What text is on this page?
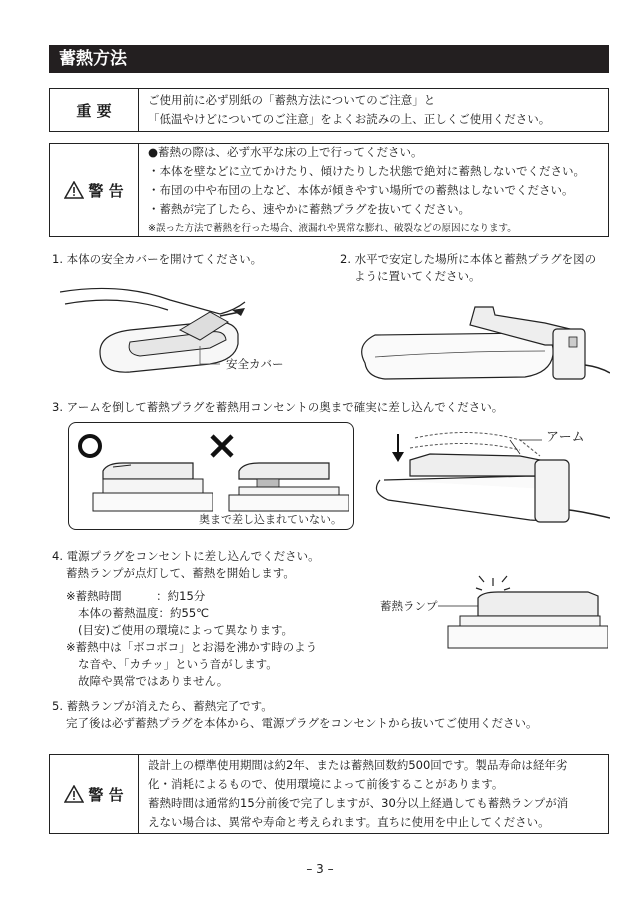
蓄熱方法
重 要
ご使用前に必ず別紙の「蓄熱方法についてのご注意」と
「低温やけどについてのご注意」をよくお読みの上、正しくご使用ください。
警 告
●蓄熱の際は、必ず水平な床の上で行ってください。
・本体を壁などに立てかけたり、傾けたりした状態で絶対に蓄熱しないでください。
・布団の中や布団の上など、本体が傾きやすい場所での蓄熱はしないでください。
・蓄熱が完了したら、速やかに蓄熱プラグを抜いてください。
※誤った方法で蓄熱を行った場合、液漏れや異常な膨れ、破裂などの原因になります。
1. 本体の安全カバーを開けてください。
安全カバー
2. 水平で安定した場所に本体と蓄熱プラグを図の
ように置いてください。
3. アームを倒して蓄熱プラグを蓄熱用コンセントの奥まで確実に差し込んでください。
奥まで差し込まれていない。
アーム
4. 電源プラグをコンセントに差し込んでください。
蓄熱ランプが点灯して、蓄熱を開始します。
※蓄熱時間　　　：約15分
本体の蓄熱温度：約55℃
(目安)ご使用の環境によって異なります。
※蓄熱中は「ボコボコ」とお湯を沸かす時のよう
な音や、「カチッ」という音がします。
故障や異常ではありません。
蓄熱ランプ
5. 蓄熱ランプが消えたら、蓄熱完了です。
完了後は必ず蓄熱プラグを本体から、電源プラグをコンセントから抜いてご使用ください。
警 告
設計上の標準使用期間は約2年、または蓄熱回数約500回です。製品寿命は経年劣
化・消耗によるもので、使用環境によって前後することがあります。
蓄熱時間は通常約15分前後で完了しますが、30分以上経過しても蓄熱ランプが消
えない場合は、異常や寿命と考えられます。直ちに使用を中止してください。
– 3 –
